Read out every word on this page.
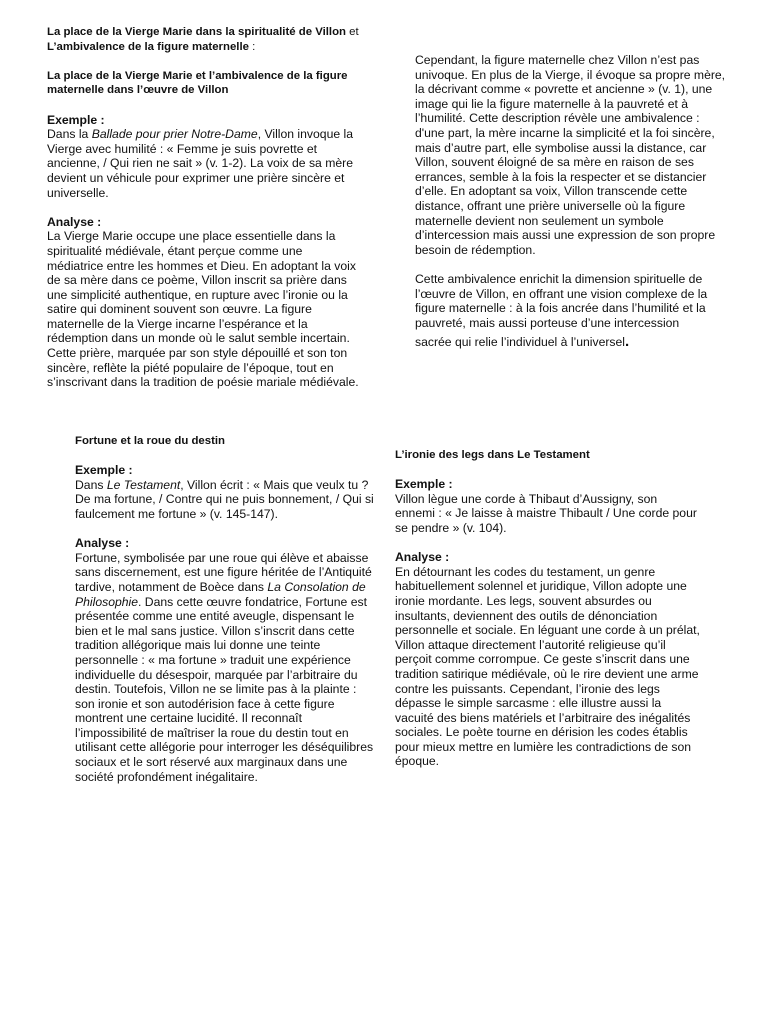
La place de la Vierge Marie dans la spiritualité de Villon et L’ambivalence de la figure maternelle :

La place de la Vierge Marie et l’ambivalence de la figure maternelle dans l’œuvre de Villon

Exemple :

Dans la Ballade pour prier Notre-Dame, Villon invoque la Vierge avec humilité : « Femme je suis povrette et ancienne, / Qui rien ne sait » (v. 1-2). La voix de sa mère devient un véhicule pour exprimer une prière sincère et universelle.

Analyse :

La Vierge Marie occupe une place essentielle dans la spiritualité médiévale, étant perçue comme une médiatrice entre les hommes et Dieu. En adoptant la voix de sa mère dans ce poème, Villon inscrit sa prière dans une simplicité authentique, en rupture avec l’ironie ou la satire qui dominent souvent son œuvre. La figure maternelle de la Vierge incarne l’espérance et la rédemption dans un monde où le salut semble incertain. Cette prière, marquée par son style dépouillé et son ton sincère, reflète la piété populaire de l’époque, tout en s’inscrivant dans la tradition de poésie mariale médiévale.

Cependant, la figure maternelle chez Villon n’est pas univoque. En plus de la Vierge, il évoque sa propre mère, la décrivant comme « povrette et ancienne » (v. 1), une image qui lie la figure maternelle à la pauvreté et à l’humilité. Cette description révèle une ambivalence : d'une part, la mère incarne la simplicité et la foi sincère, mais d’autre part, elle symbolise aussi la distance, car Villon, souvent éloigné de sa mère en raison de ses errances, semble à la fois la respecter et se distancier d’elle. En adoptant sa voix, Villon transcende cette distance, offrant une prière universelle où la figure maternelle devient non seulement un symbole d’intercession mais aussi une expression de son propre besoin de rédemption.

Cette ambivalence enrichit la dimension spirituelle de l’œuvre de Villon, en offrant une vision complexe de la figure maternelle : à la fois ancrée dans l’humilité et la pauvreté, mais aussi porteuse d’une intercession

sacrée qui relie l’individuel à l’universel.

Fortune et la roue du destin

Exemple :

Dans Le Testament, Villon écrit : « Mais que veulx tu ? De ma fortune, / Contre qui ne puis bonnement, / Qui si faulcement me fortune » (v. 145-147).

Analyse :

Fortune, symbolisée par une roue qui élève et abaisse sans discernement, est une figure héritée de l’Antiquité tardive, notamment de Boèce dans La Consolation de Philosophie. Dans cette œuvre fondatrice, Fortune est présentée comme une entité aveugle, dispensant le bien et le mal sans justice. Villon s’inscrit dans cette tradition allégorique mais lui donne une teinte personnelle : « ma fortune » traduit une expérience individuelle du désespoir, marquée par l’arbitraire du destin. Toutefois, Villon ne se limite pas à la plainte : son ironie et son autodérision face à cette figure montrent une certaine lucidité. Il reconnaît l’impossibilité de maîtriser la roue du destin tout en utilisant cette allégorie pour interroger les déséquilibres sociaux et le sort réservé aux marginaux dans une société profondément inégalitaire.

L’ironie des legs dans Le Testament

Exemple :

Villon lègue une corde à Thibaut d’Aussigny, son ennemi : « Je laisse à maistre Thibault / Une corde pour se pendre » (v. 104).

Analyse :

En détournant les codes du testament, un genre habituellement solennel et juridique, Villon adopte une ironie mordante. Les legs, souvent absurdes ou insultants, deviennent des outils de dénonciation personnelle et sociale. En léguant une corde à un prélat, Villon attaque directement l’autorité religieuse qu’il perçoit comme corrompue. Ce geste s’inscrit dans une tradition satirique médiévale, où le rire devient une arme contre les puissants. Cependant, l’ironie des legs dépasse le simple sarcasme : elle illustre aussi la vacuité des biens matériels et l’arbitraire des inégalités sociales. Le poète tourne en dérision les codes établis pour mieux mettre en lumière les contradictions de son époque.
